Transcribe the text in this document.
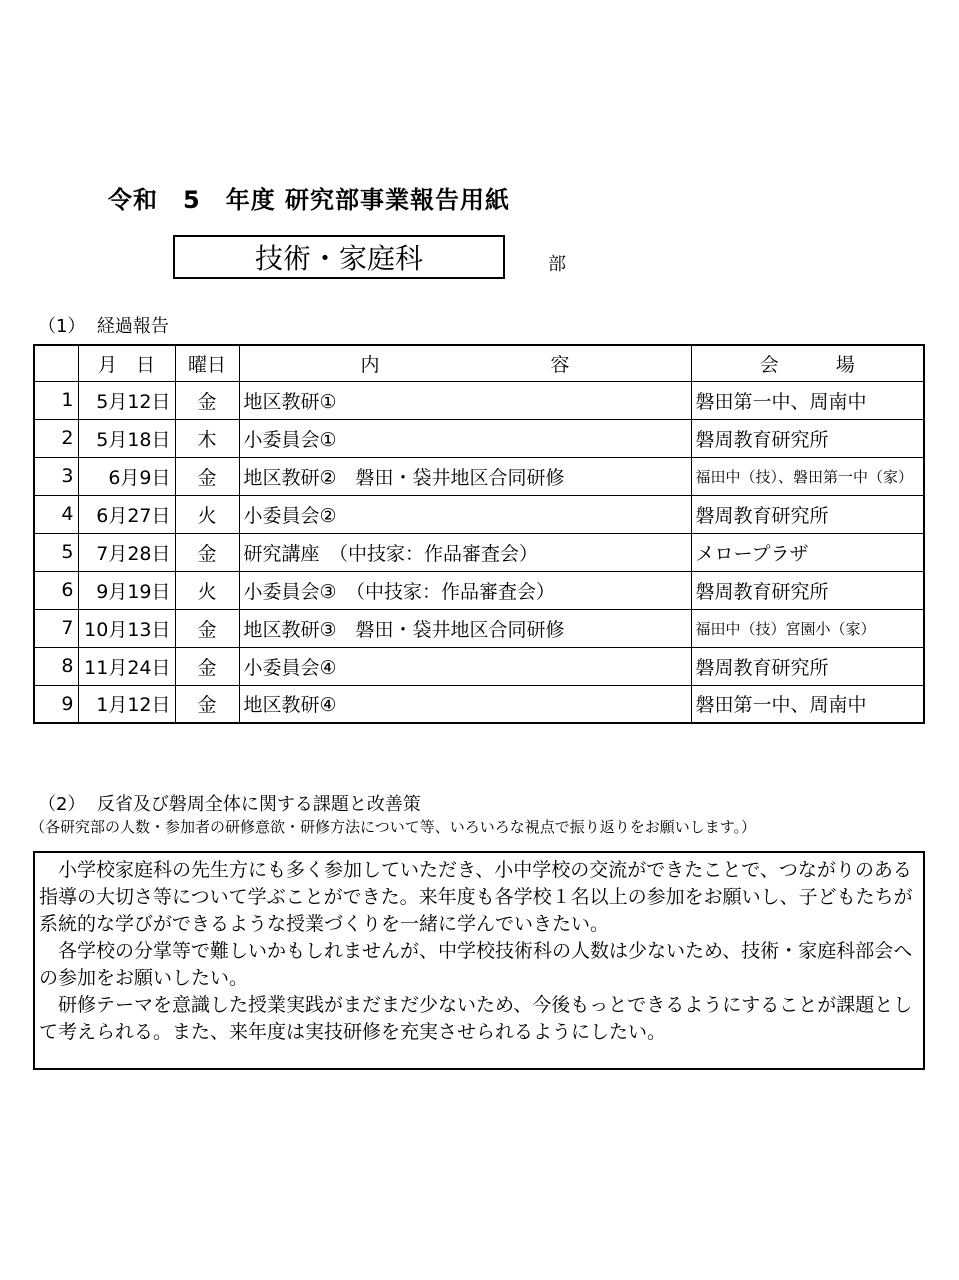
令和　5　年度 研究部事業報告用紙
技術・家庭科	部
（1）  経過報告
	月　日	曜日	内　　　　　　　　　容	会　　　場
1	5月12日	金	地区教研①	磐田第一中、周南中
2	5月18日	木	小委員会①	磐周教育研究所
3	6月9日	金	地区教研②　磐田・袋井地区合同研修	福田中（技）、磐田第一中（家）
4	6月27日	火	小委員会②	磐周教育研究所
5	7月28日	金	研究講座　（中技家：作品審査会）	メロープラザ
6	9月19日	火	小委員会③　（中技家：作品審査会）	磐周教育研究所
7	10月13日	金	地区教研③　磐田・袋井地区合同研修	福田中（技）宮園小（家）
8	11月24日	金	小委員会④	磐周教育研究所
9	1月12日	金	地区教研④	磐田第一中、周南中
（2）  反省及び磐周全体に関する課題と改善策
（各研究部の人数・参加者の研修意欲・研修方法について等、いろいろな視点で振り返りをお願いします。）
　小学校家庭科の先生方にも多く参加していただき、小中学校の交流ができたことで、つながりのある指導の大切さ等について学ぶことができた。来年度も各学校１名以上の参加をお願いし、子どもたちが系統的な学びができるような授業づくりを一緒に学んでいきたい。
　各学校の分掌等で難しいかもしれませんが、中学校技術科の人数は少ないため、技術・家庭科部会への参加をお願いしたい。
　研修テーマを意識した授業実践がまだまだ少ないため、今後もっとできるようにすることが課題として考えられる。また、来年度は実技研修を充実させられるようにしたい。
